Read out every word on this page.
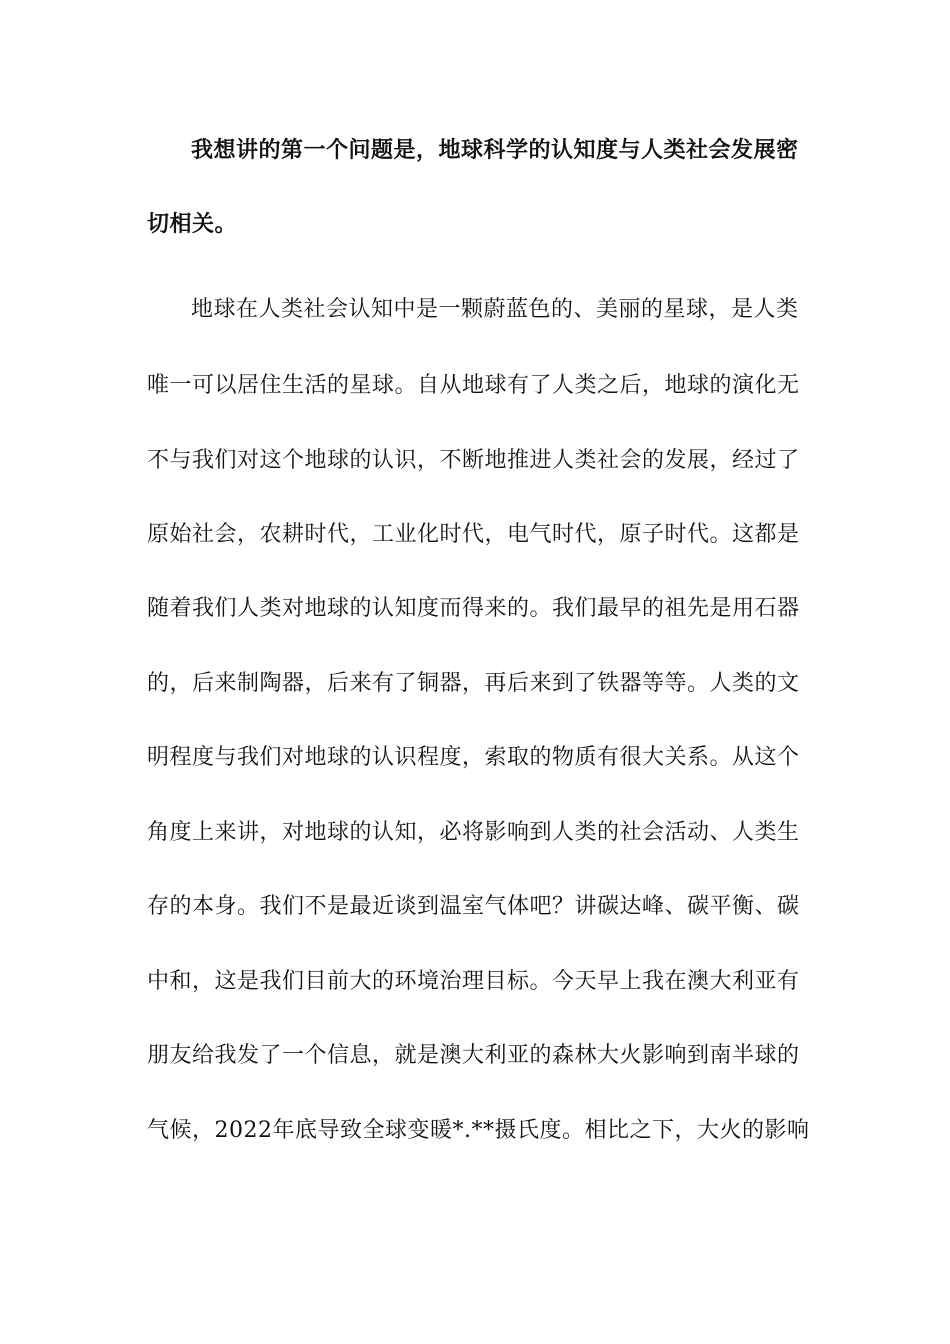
我想讲的第一个问题是，地球科学的认知度与人类社会发展密
切相关。
地球在人类社会认知中是一颗蔚蓝色的、美丽的星球，是人类
唯一可以居住生活的星球。自从地球有了人类之后，地球的演化无
不与我们对这个地球的认识，不断地推进人类社会的发展，经过了
原始社会，农耕时代，工业化时代，电气时代，原子时代。这都是
随着我们人类对地球的认知度而得来的。我们最早的祖先是用石器
的，后来制陶器，后来有了铜器，再后来到了铁器等等。人类的文
明程度与我们对地球的认识程度，索取的物质有很大关系。从这个
角度上来讲，对地球的认知，必将影响到人类的社会活动、人类生
存的本身。我们不是最近谈到温室气体吧？讲碳达峰、碳平衡、碳
中和，这是我们目前大的环境治理目标。今天早上我在澳大利亚有
朋友给我发了一个信息，就是澳大利亚的森林大火影响到南半球的
气候，2022年底导致全球变暖*.**摄氏度。相比之下，大火的影响
